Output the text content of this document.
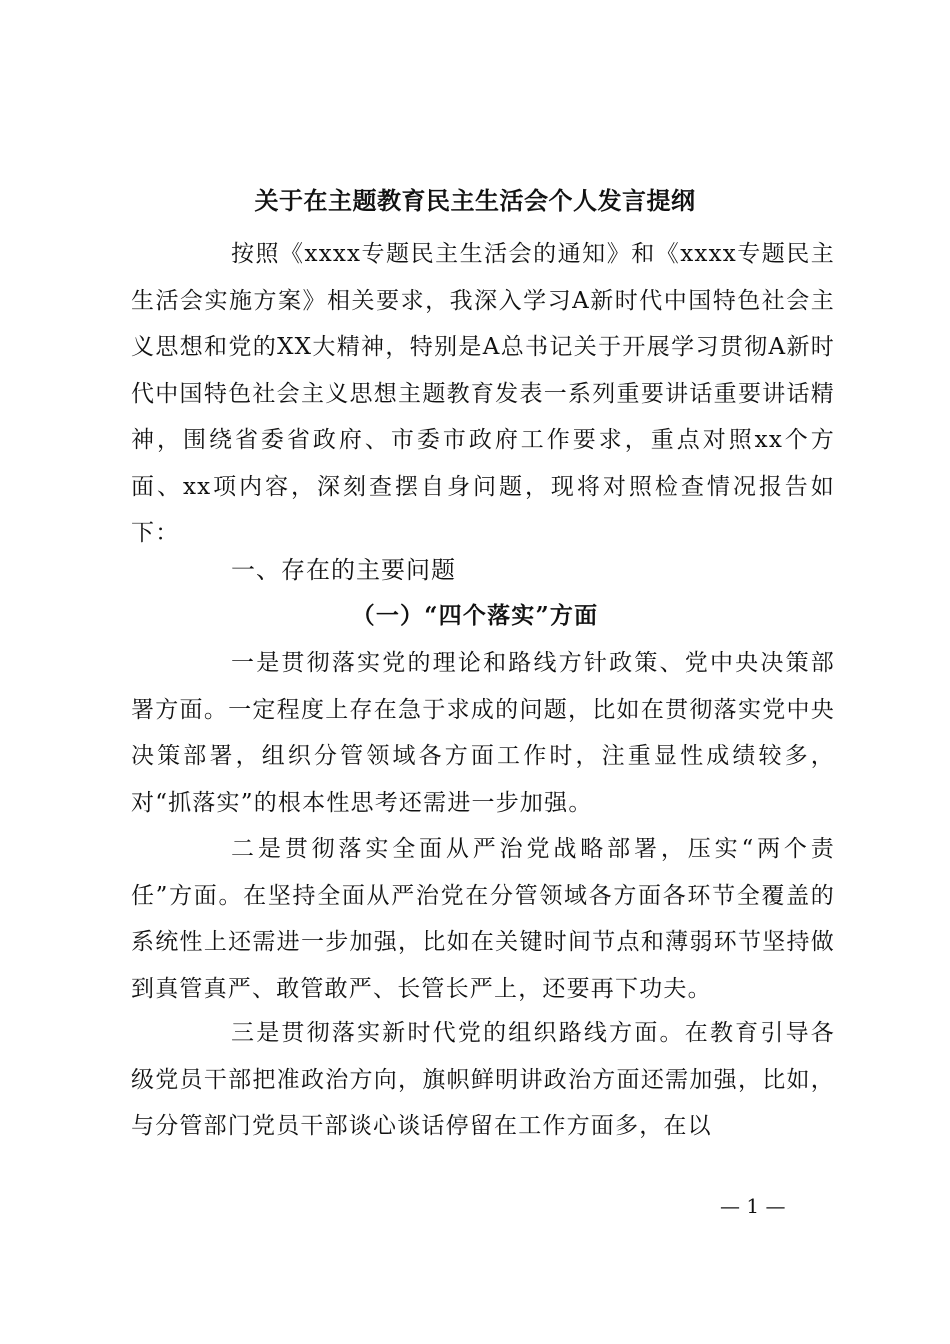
关于在主题教育民主生活会个人发言提纲
按照《xxxx专题民主生活会的通知》和《xxxx专题民主生活会实施方案》相关要求，我深入学习A新时代中国特色社会主义思想和党的XX大精神，特别是A总书记关于开展学习贯彻A新时代中国特色社会主义思想主题教育发表一系列重要讲话重要讲话精神，围绕省委省政府、市委市政府工作要求，重点对照xx个方面、xx项内容，深刻查摆自身问题，现将对照检查情况报告如下：
一、存在的主要问题
（一）“四个落实”方面
一是贯彻落实党的理论和路线方针政策、党中央决策部署方面。一定程度上存在急于求成的问题，比如在贯彻落实党中央决策部署，组织分管领域各方面工作时，注重显性成绩较多，对“抓落实”的根本性思考还需进一步加强。
二是贯彻落实全面从严治党战略部署，压实“两个责任”方面。在坚持全面从严治党在分管领域各方面各环节全覆盖的系统性上还需进一步加强，比如在关键时间节点和薄弱环节坚持做到真管真严、敢管敢严、长管长严上，还要再下功夫。
三是贯彻落实新时代党的组织路线方面。在教育引导各级党员干部把准政治方向，旗帜鲜明讲政治方面还需加强，比如，与分管部门党员干部谈心谈话停留在工作方面多，在以
— 1 —
